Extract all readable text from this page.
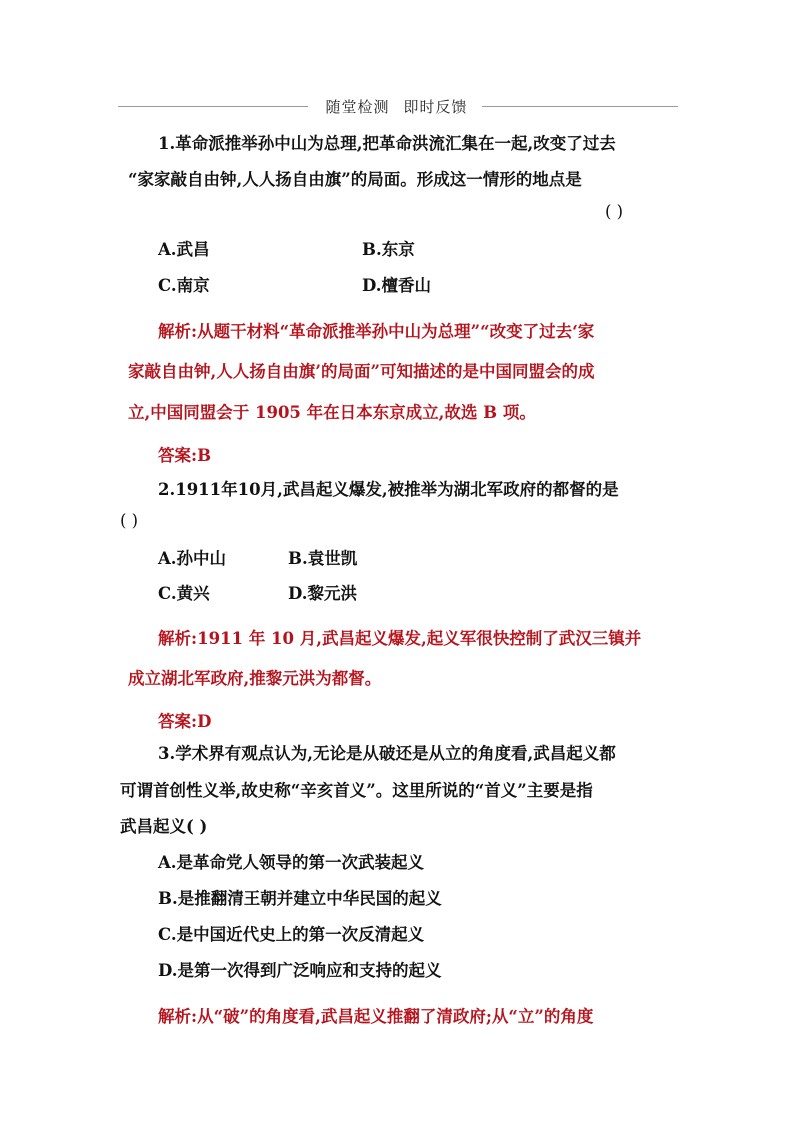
随堂检测 即时反馈
1.革命派推举孙中山为总理,把革命洪流汇集在一起,改变了过去
“家家敲自由钟,人人扬自由旗”的局面。形成这一情形的地点是
( )
A.武昌	B.东京
C.南京	D.檀香山
解析:从题干材料“革命派推举孙中山为总理”“改变了过去‘家
家敲自由钟,人人扬自由旗’的局面”可知描述的是中国同盟会的成
立,中国同盟会于 1905 年在日本东京成立,故选 B 项。
答案:B
2.1911年10月,武昌起义爆发,被推举为湖北军政府的都督的是
( )
A.孙中山	B.袁世凯
C.黄兴	D.黎元洪
解析:1911 年 10 月,武昌起义爆发,起义军很快控制了武汉三镇并
成立湖北军政府,推黎元洪为都督。
答案:D
3.学术界有观点认为,无论是从破还是从立的角度看,武昌起义都
可谓首创性义举,故史称“辛亥首义”。这里所说的“首义”主要是指
武昌起义( )
A.是革命党人领导的第一次武装起义
B.是推翻清王朝并建立中华民国的起义
C.是中国近代史上的第一次反清起义
D.是第一次得到广泛响应和支持的起义
解析:从“破”的角度看,武昌起义推翻了清政府;从“立”的角度
